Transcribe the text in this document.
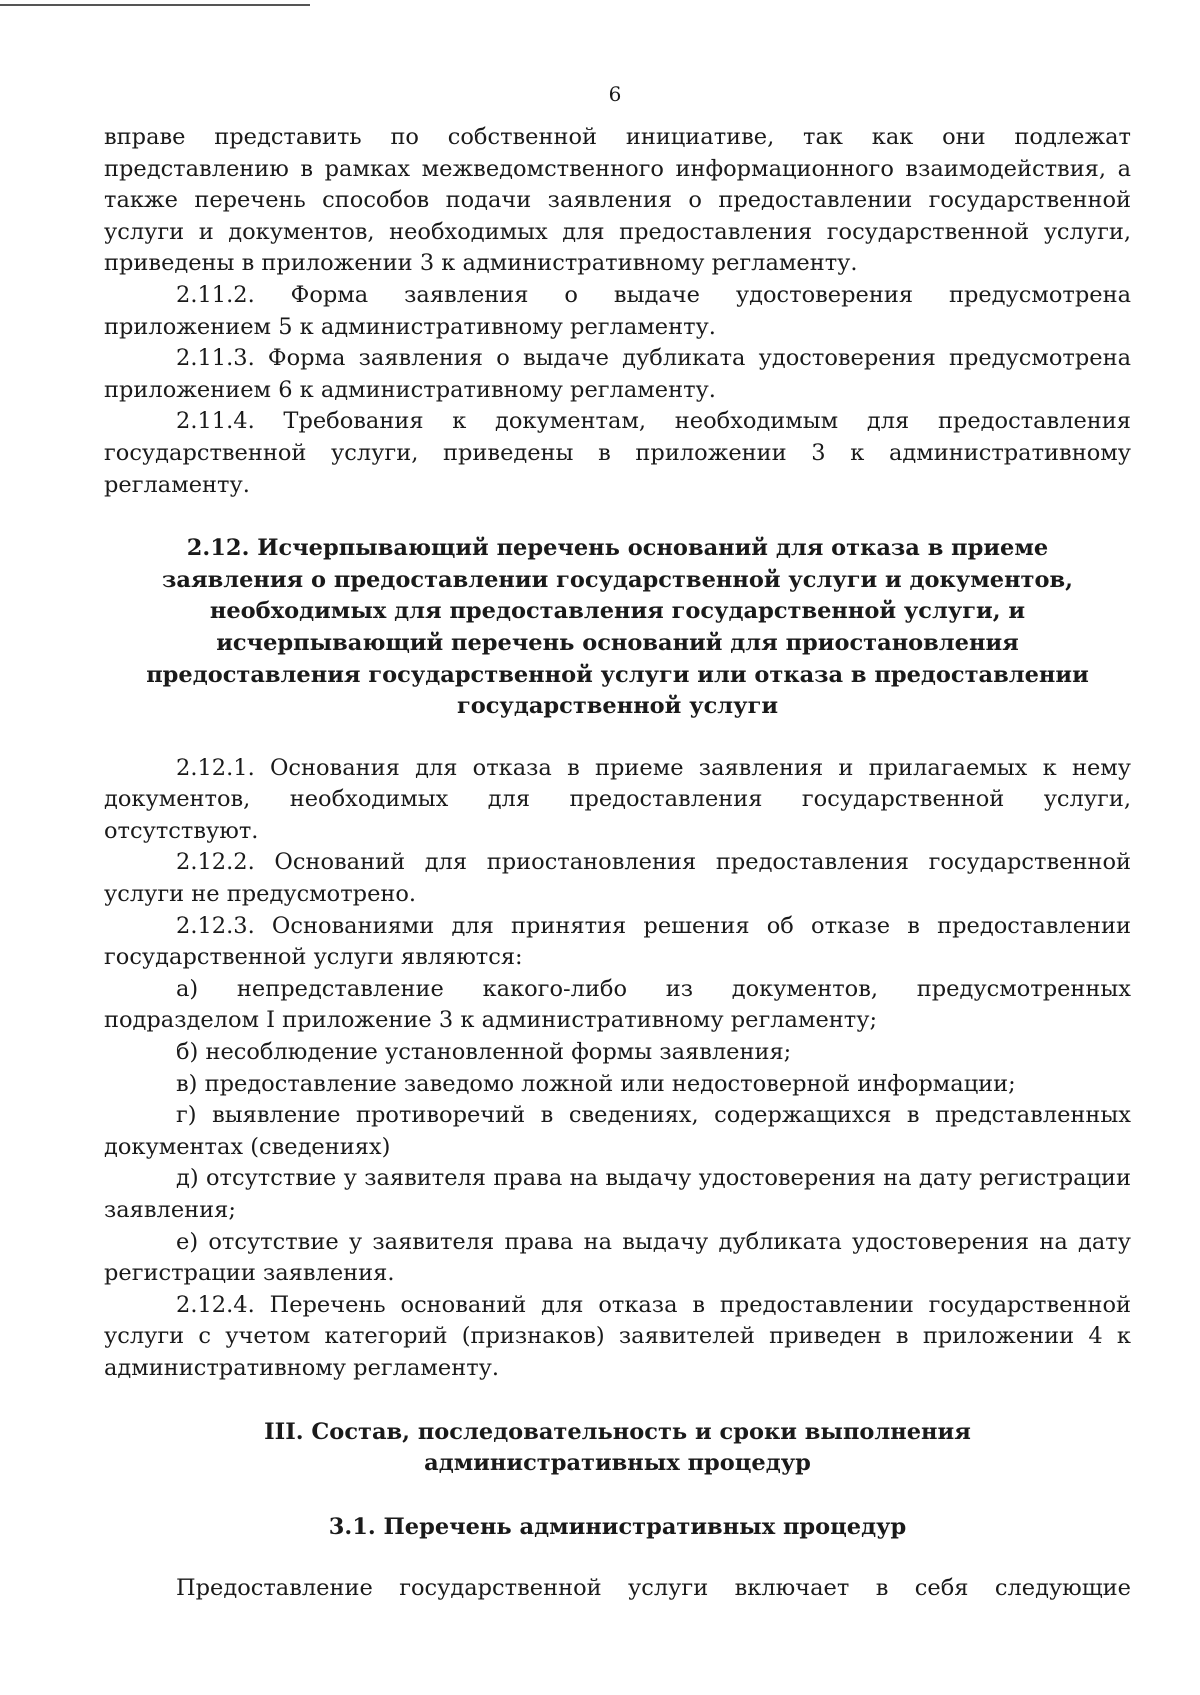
6

вправе представить по собственной инициативе, так как они подлежат представлению в рамках межведомственного информационного взаимодействия, а также перечень способов подачи заявления о предоставлении государственной услуги и документов, необходимых для предоставления государственной услуги, приведены в приложении 3 к административному регламенту.

2.11.2. Форма заявления о выдаче удостоверения предусмотрена приложением 5 к административному регламенту.

2.11.3. Форма заявления о выдаче дубликата удостоверения предусмотрена приложением 6 к административному регламенту.

2.11.4. Требования к документам, необходимым для предоставления государственной услуги, приведены в приложении 3 к административному регламенту.

2.12. Исчерпывающий перечень оснований для отказа в приеме заявления о предоставлении государственной услуги и документов, необходимых для предоставления государственной услуги, и исчерпывающий перечень оснований для приостановления предоставления государственной услуги или отказа в предоставлении государственной услуги

2.12.1. Основания для отказа в приеме заявления и прилагаемых к нему документов, необходимых для предоставления государственной услуги, отсутствуют.

2.12.2. Оснований для приостановления предоставления государственной услуги не предусмотрено.

2.12.3. Основаниями для принятия решения об отказе в предоставлении государственной услуги являются:

а) непредставление какого-либо из документов, предусмотренных подразделом I приложение 3 к административному регламенту;

б) несоблюдение установленной формы заявления;

в) предоставление заведомо ложной или недостоверной информации;

г) выявление противоречий в сведениях, содержащихся в представленных документах (сведениях)

д) отсутствие у заявителя права на выдачу удостоверения на дату регистрации заявления;

е) отсутствие у заявителя права на выдачу дубликата удостоверения на дату регистрации заявления.

2.12.4. Перечень оснований для отказа в предоставлении государственной услуги с учетом категорий (признаков) заявителей приведен в приложении 4 к административному регламенту.

III. Состав, последовательность и сроки выполнения
административных процедур
3.1. Перечень административных процедур

Предоставление государственной услуги включает в себя следующие
